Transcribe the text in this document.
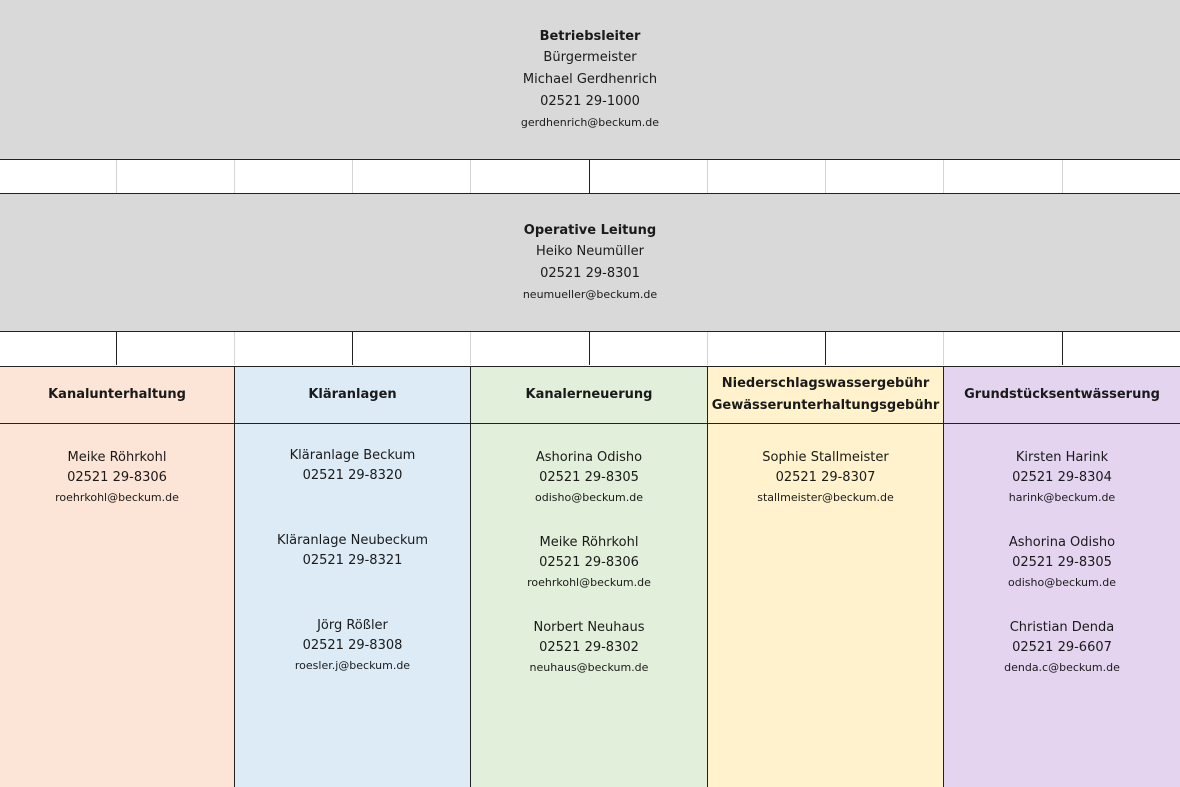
Betriebsleiter
Bürgermeister
Michael Gerdhenrich
02521 29-1000
gerdhenrich@beckum.de
Operative Leitung
Heiko Neumüller
02521 29-8301
neumueller@beckum.de
Kanalunterhaltung
Meike Röhrkohl
02521 29-8306
roehrkohl@beckum.de
Kläranlagen
Kläranlage Beckum
02521 29-8320
Kläranlage Neubeckum
02521 29-8321
Jörg Rößler
02521 29-8308
roesler.j@beckum.de
Kanalerneuerung
Ashorina Odisho
02521 29-8305
odisho@beckum.de
Meike Röhrkohl
02521 29-8306
roehrkohl@beckum.de
Norbert Neuhaus
02521 29-8302
neuhaus@beckum.de
Niederschlagswassergebühr
Gewässerunterhaltungsgebühr
Sophie Stallmeister
02521 29-8307
stallmeister@beckum.de
Grundstücksentwässerung
Kirsten Harink
02521 29-8304
harink@beckum.de
Ashorina Odisho
02521 29-8305
odisho@beckum.de
Christian Denda
02521 29-6607
denda.c@beckum.de
